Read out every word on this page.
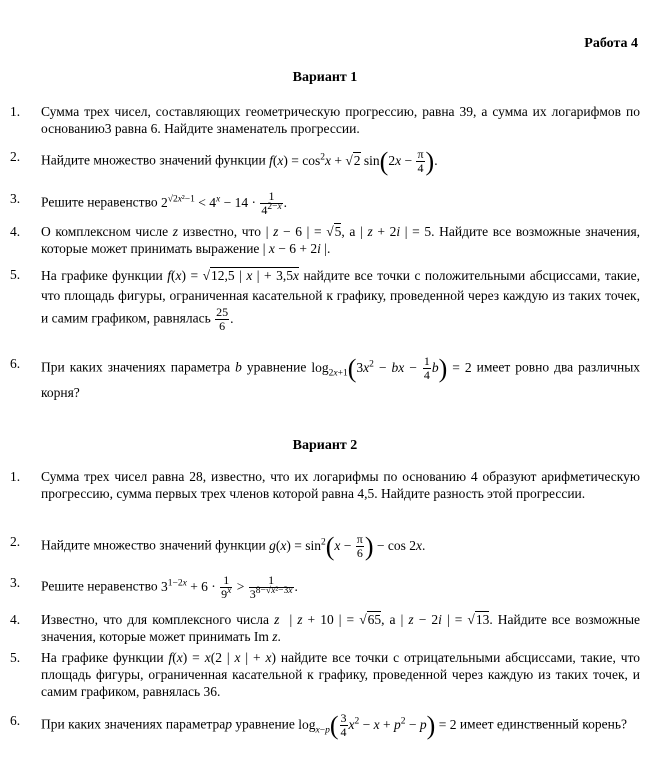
Работа 4
Вариант 1
1.	Сумма трех чисел, составляющих геометрическую прогрессию, равна 39, а сумма их логарифмов по основанию3 равна 6. Найдите знаменатель прогрессии.
2.	Найдите множество значений функции $f(x) = \cos^2x + √2$ $\sin(2x - \frac{\pi}{4}$ ).
3.	Решите неравенство $2^{√2x^2-1} < 4^x - 14 \cdot \frac{1}{4^{2-x}}$ .
4.	О комплексном числе z известно, что | z − 6 | = √5, а | z + 2i | = 5. Найдите все возможные значения, которые может принимать выражение | x − 6 + 2i |.
5.	На графике функции f(x) = √12,5 | x | + 3,5x найдите все точки с положительными абсциссами, такие, что площадь фигуры, ограниченная касательной к графику, проведенной через каждую из таких точек, и самим графиком, равнялась $\frac{25}{6}$ .
6.	При каких значениях параметра b уравнение $\log_{2x+1}(3x^2$ − bx − $\frac{1}{4} b) = 2$ имеет ровно два различных корня?
Вариант 2
1.	Сумма трех чисел равна 28, известно, что их логарифмы по основанию 4 образуют арифметическую прогрессию, сумма первых трех членов которой равна 4,5. Найдите разность этой прогрессии.
2.	Найдите множество значений функции $g(x) = \sin^2(x - \frac{\pi}{6}$ ) − cos 2x.
3.	Решите неравенство $3^{1-2x} + 6 \cdot \frac{1}{9^x} > \frac{1}{3^{8-√x^2-3x}}$ .
4.	Известно, что для комплексного числа z  | z + 10 | = √65, а | z − 2i | = √13. Найдите все возможные значения, которые может принимать Im z.
5.	На графике функции f(x) = x(2 | x | + x) найдите все точки с отрицательными абсциссами, такие, что площадь фигуры, ограниченная касательной к графику, проведенной через каждую из таких точек, и самим графиком, равнялась 36.
6.	При каких значениях параметраp уравнение $\log_{x-p}( \frac{3}{4} x^2 - x + p^2 - p) = 2$ имеет единственный корень?
